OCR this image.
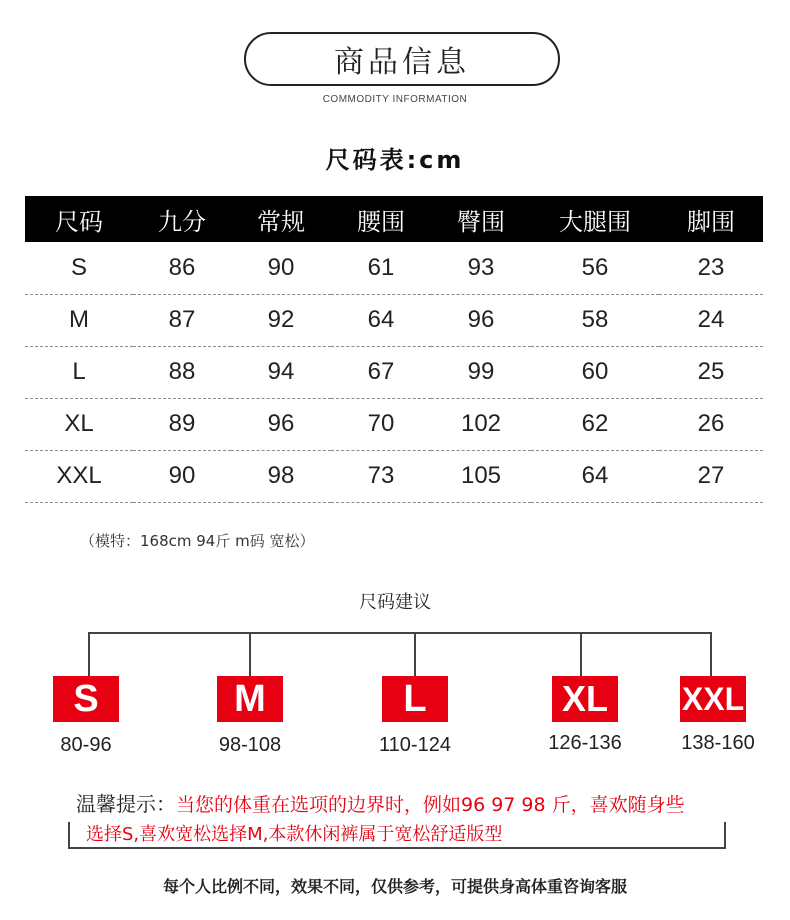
商品信息
COMMODITY INFORMATION
尺码表:cm
尺码	九分	常规	腰围	臀围	大腿围	脚围
S	86	90	61	93	56	23
M	87	92	64	96	58	24
L	88	94	67	99	60	25
XL	89	96	70	102	62	26
XXL	90	98	73	105	64	27
（模特：168cm 94斤 m码 宽松）
尺码建议
S	M	L	XL	XXL
80-96	98-108	110-124	126-136	138-160
温馨提示：当您的体重在选项的边界时，例如96 97 98 斤，喜欢随身些
选择S,喜欢宽松选择M,本款休闲裤属于宽松舒适版型
每个人比例不同，效果不同，仅供参考，可提供身高体重咨询客服
